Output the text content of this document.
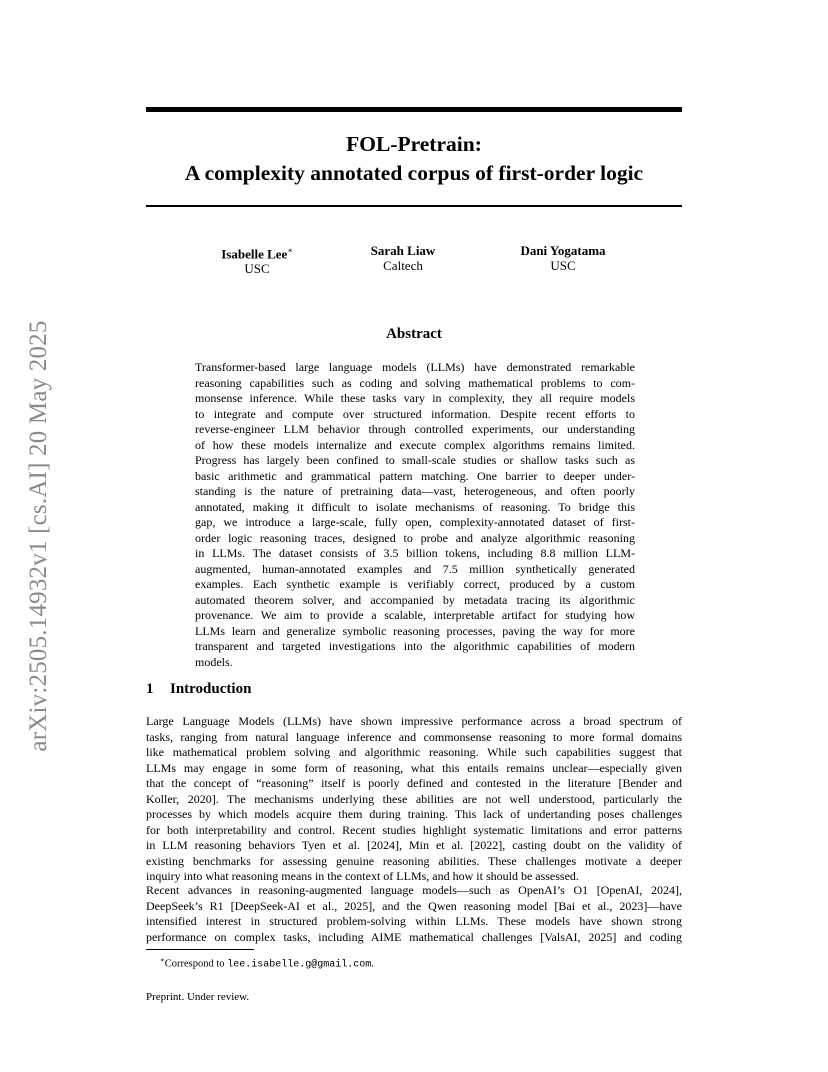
arXiv:2505.14932v1 [cs.AI] 20 May 2025
FOL-Pretrain:
A complexity annotated corpus of first-order logic
Isabelle Lee∗
USC
Sarah Liaw
Caltech
Dani Yogatama
USC
Abstract
Transformer-based large language models (LLMs) have demonstrated remarkable
reasoning capabilities such as coding and solving mathematical problems to com-
monsense inference. While these tasks vary in complexity, they all require models
to integrate and compute over structured information. Despite recent efforts to
reverse-engineer LLM behavior through controlled experiments, our understanding
of how these models internalize and execute complex algorithms remains limited.
Progress has largely been confined to small-scale studies or shallow tasks such as
basic arithmetic and grammatical pattern matching. One barrier to deeper under-
standing is the nature of pretraining data—vast, heterogeneous, and often poorly
annotated, making it difficult to isolate mechanisms of reasoning. To bridge this
gap, we introduce a large-scale, fully open, complexity-annotated dataset of first-
order logic reasoning traces, designed to probe and analyze algorithmic reasoning
in LLMs. The dataset consists of 3.5 billion tokens, including 8.8 million LLM-
augmented, human-annotated examples and 7.5 million synthetically generated
examples. Each synthetic example is verifiably correct, produced by a custom
automated theorem solver, and accompanied by metadata tracing its algorithmic
provenance. We aim to provide a scalable, interpretable artifact for studying how
LLMs learn and generalize symbolic reasoning processes, paving the way for more
transparent and targeted investigations into the algorithmic capabilities of modern
models.
1 Introduction
Large Language Models (LLMs) have shown impressive performance across a broad spectrum of
tasks, ranging from natural language inference and commonsense reasoning to more formal domains
like mathematical problem solving and algorithmic reasoning. While such capabilities suggest that
LLMs may engage in some form of reasoning, what this entails remains unclear—especially given
that the concept of “reasoning” itself is poorly defined and contested in the literature [Bender and
Koller, 2020]. The mechanisms underlying these abilities are not well understood, particularly the
processes by which models acquire them during training. This lack of undertanding poses challenges
for both interpretability and control. Recent studies highlight systematic limitations and error patterns
in LLM reasoning behaviors Tyen et al. [2024], Min et al. [2022], casting doubt on the validity of
existing benchmarks for assessing genuine reasoning abilities. These challenges motivate a deeper
inquiry into what reasoning means in the context of LLMs, and how it should be assessed.
Recent advances in reasoning-augmented language models—such as OpenAI’s O1 [OpenAI, 2024],
DeepSeek’s R1 [DeepSeek-AI et al., 2025], and the Qwen reasoning model [Bai et al., 2023]—have
intensified interest in structured problem-solving within LLMs. These models have shown strong
performance on complex tasks, including AIME mathematical challenges [ValsAI, 2025] and coding
∗Correspond to lee.isabelle.g@gmail.com.
Preprint. Under review.
